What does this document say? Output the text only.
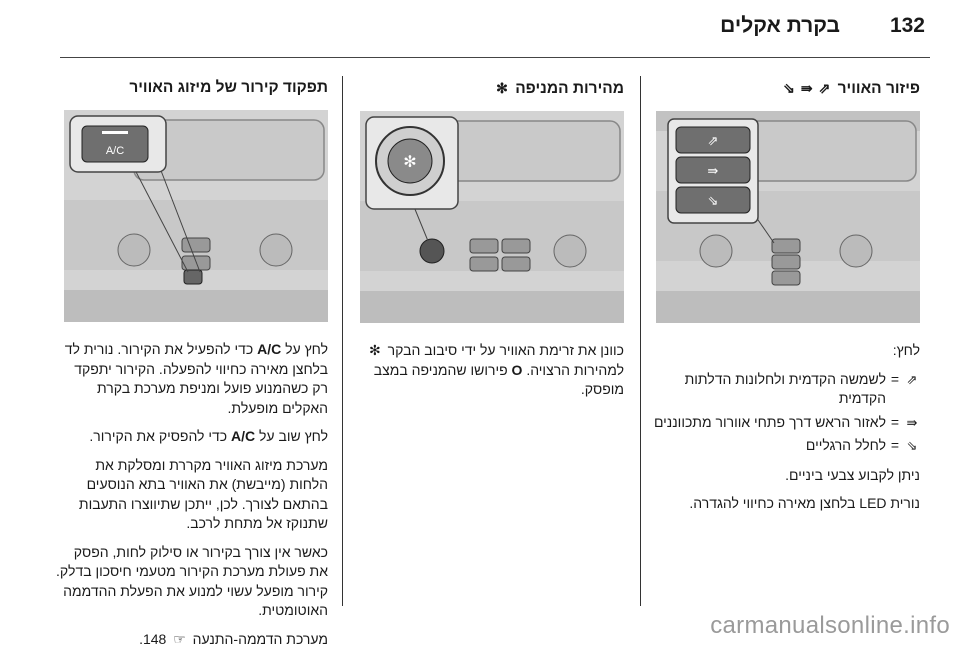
בקרת אקלים	132
פיזור האוויר ⇗⇛⇘
⇗
⇛
⇘

לחץ:

⇗
=
לשמשה הקדמית ולחלונות הדלתות הקדמית
⇛
=
לאזור הראש דרך פתחי אוורור מתכווננים
⇘
=
לחלל הרגליים

ניתן לקבוע צבעי ביניים.

נורית LED בלחצן מאירה כחיווי להגדרה.

מהירות המניפה ✻
✻

כוונן את זרימת האוויר על ידי סיבוב הבקר ✻ למהירות הרצויה. O פירושו שהמניפה במצב מופסק.

תפקוד קירור של מיזוג האוויר
A/C

לחץ על A/C כדי להפעיל את הקירור. נורית לד בלחצן מאירה כחיווי להפעלה. הקירור יתפקד רק כשהמנוע פועל ומניפת מערכת בקרת האקלים מופעלת.

לחץ שוב על A/C כדי להפסיק את הקירור.

מערכת מיזוג האוויר מקררת ומסלקת את הלחות (מייבשת) את האוויר בתא הנוסעים בהתאם לצורך. לכן, ייתכן שתיווצרו התעבות שתנוקז אל מתחת לרכב.

כאשר אין צורך בקירור או סילוק לחות, הפסק את פעולת מערכת הקירור מטעמי חיסכון בדלק. קירור מופעל עשוי למנוע את הפעלת ההדממה האוטומטית.

מערכת הדממה-התנעה ☞ 148.	carmanualsonline.info
